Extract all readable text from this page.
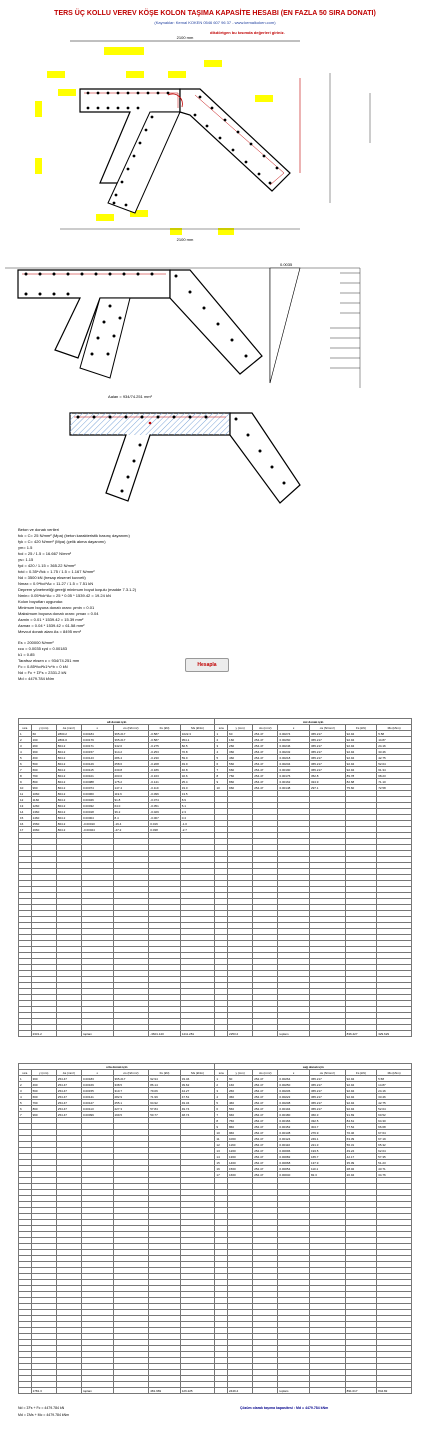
TERS ÜÇ KOLLU VEREV KÖŞE KOLON TAŞIMA KAPASİTE HESABI (EN FAZLA 50 SIRA DONATI)
(Kaynaklar: Kemal KOKEN 0546 607 96 37 - www.kemalkoken.com)
dikdörtgen bu kısımda değerleri giriniz.
2100 mm
2100 mm
0.0035
Aalan = 934/74.251 mm²
Beton ve donatı verileri
fck = C= 25 N/mm² (Mpa) (beton karakteristik basınç dayanımı)
fyk = C= 420 N/mm² (Mpa) (çelik akma dayanımı)
γm= 1.5
fcd = 25 / 1.5 = 16.667 N/mm²
γs= 1.15
fyd = 420 / 1.15 = 365.22 N/mm²
fctd = 0.35*√fck = 1.75 / 1.5 = 1.167 N/mm²
Nd = 3500 kN (hesap eksenel kuvveti)
Nmax = 0.9*fcd*Ac = 11.27 / 1.5 = 7.51 kN
Deprem yönetmeliği gereği minimum boyut koşulu (madde 7.3.1.2)
Nmin= 0.05*fck*Ac = 25 * 0.05 * 1539.42 = 19.24 kN
Kolon boyutları uygundur.
Minimum boyuna donatı oranı: ρmin = 0.01
Maksimum boyuna donatı oranı: ρmax = 0.04
Asmin = 0.01 * 1539.42 = 15.39 mm²
Asmax = 0.04 * 1539.42 = 61.58 mm²
Mevcut donatı alanı As = 8495 mm²
Es = 200000 N/mm²
εcu = 0.0035 εyd = 0.00183
k1 = 0.85
Tarafsız eksen c = 934/74.251 mm
Fc = 0.85*fcd*k1*c*b = 0 kN
Nd = Fc + ΣFs = 2331.2 kN
Md = 4479.784 kNm
Hesapla
alt donatı için							üst donatı için						
sıra	y (mm)	As (mm²)	ε	σs (N/mm²)	Fs (kN)	Ms (kNm)	sıra	y (mm)	As (mm²)	ε	σs (N/mm²)	Fs (kN)	Ms (kNm)
1	60	2800.2	0.00184	365.217	-0.587	1022.3	1	60	254.47	0.00274	365.217	92.94	5.58
2	160	2804.0	0.00179	365.217	-0.587	954.1	2	160	254.47	0.00260	365.217	92.94	14.87
3	260	804.2	0.00171	342.0	-0.275	82.5	3	260	254.47	0.00246	365.217	92.94	24.16
4	360	804.2	0.00157	314.2	-0.253	70.8	4	360	254.47	0.00232	365.217	92.94	33.46
5	460	804.2	0.00143	286.4	-0.230	59.9	5	460	254.47	0.00218	365.217	92.94	42.75
6	560	804.2	0.00129	258.6	-0.208	49.9	6	560	254.47	0.00204	365.217	92.94	52.04
7	660	804.2	0.00115	230.8	-0.186	40.8	7	660	254.47	0.00190	365.217	92.94	61.34
8	760	804.2	0.00101	203.0	-0.163	32.6	8	760	254.47	0.00176	352.8	89.78	68.23
9	860	804.2	0.00088	175.2	-0.141	25.4	9	860	254.47	0.00162	324.9	82.68	71.10
10	960	804.2	0.00074	147.4	-0.119	19.0	10	960	254.47	0.00148	297.1	75.60	72.58
11	1060	804.2	0.00060	119.6	-0.096	13.5							
12	1160	804.2	0.00046	91.8	-0.074	8.9							
13	1260	804.2	0.00032	64.0	-0.051	5.1							
14	1360	804.2	0.00018	36.2	-0.029	2.3							
15	1460	804.2	0.00004	8.4	-0.007	0.4							
16	1560	804.2	-0.00010	-19.4	0.016	-1.0							
17	1660	804.2	-0.00024	-47.2	0.038	-2.7							

	2331.2		toplam		-3601.140	1411.281		2253.2		toplam		836.427	329.629
orta donatı için							sağ donatı için						
sıra	y (mm)	As (mm²)	ε	σs (N/mm²)	Fs (kN)	Ms (kNm)	sıra	y (mm)	As (mm²)	ε	σs (N/mm²)	Fs (kN)	Ms (kNm)
1	360	254.47	0.00183	365.217	92.94	33.46	1	60	254.47	0.00264	365.217	92.94	5.58
2	460	254.47	0.00169	338.5	86.14	39.62	2	160	254.47	0.00250	365.217	92.94	14.87
3	560	254.47	0.00155	310.7	79.06	44.27	3	260	254.47	0.00236	365.217	92.94	24.16
4	660	254.47	0.00141	282.9	71.99	47.51	4	360	254.47	0.00222	365.217	92.94	33.46
5	760	254.47	0.00127	255.1	64.92	49.34	5	460	254.47	0.00208	365.217	92.94	42.75
6	860	254.47	0.00113	227.3	57.84	49.74	6	560	254.47	0.00194	365.217	92.94	52.04
7	960	254.47	0.00099	199.5	50.77	48.74	7	660	254.47	0.00180	360.3	91.69	60.52
							8	760	254.47	0.00166	332.5	84.61	64.30
							9	860	254.47	0.00152	304.7	77.54	66.68
							10	960	254.47	0.00138	276.9	70.46	67.64
							11	1060	254.47	0.00124	249.1	63.39	67.19
							12	1160	254.47	0.00110	221.3	56.31	65.32
							13	1260	254.47	0.00096	193.5	49.24	62.04
							14	1360	254.47	0.00082	165.7	42.17	57.35
							15	1460	254.47	0.00068	137.9	35.09	51.23
							16	1560	254.47	0.00054	110.1	28.02	43.71
							17	1660	254.47	0.00040	82.3	20.94	34.76

	1781.3		toplam		481.969	126.225		2449.4		toplam		891.017	844.82
Nd = ΣFs + Fc = 4479.784 kN
Md = ΣMs + Mc = 4479.784 kNm
Çözüm olarak taşıma kapasitesi : Md = 4479.784 kNm
